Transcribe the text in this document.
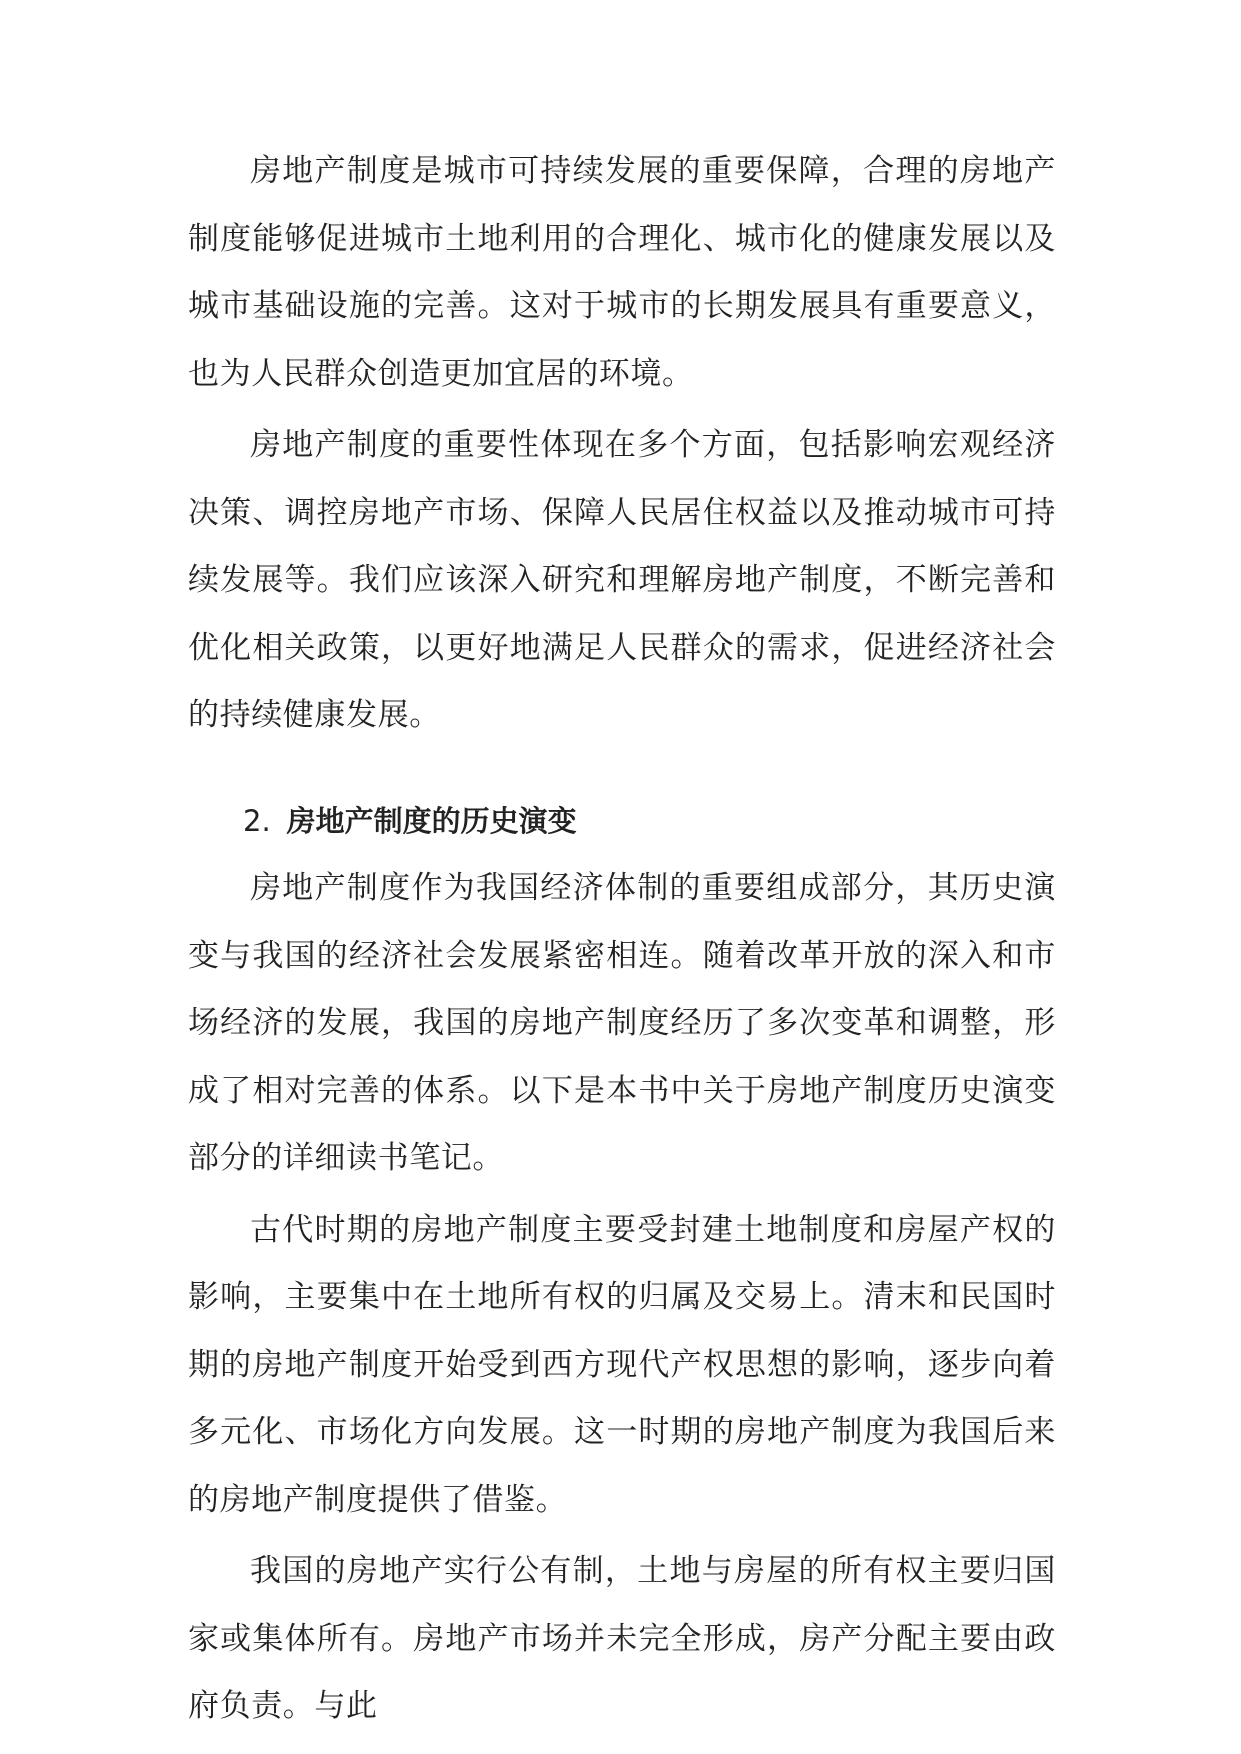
房地产制度是城市可持续发展的重要保障，合理的房地产制度能够促进城市土地利用的合理化、城市化的健康发展以及城市基础设施的完善。这对于城市的长期发展具有重要意义，也为人民群众创造更加宜居的环境。

房地产制度的重要性体现在多个方面，包括影响宏观经济决策、调控房地产市场、保障人民居住权益以及推动城市可持续发展等。我们应该深入研究和理解房地产制度，不断完善和优化相关政策，以更好地满足人民群众的需求，促进经济社会的持续健康发展。

2. 房地产制度的历史演变

房地产制度作为我国经济体制的重要组成部分，其历史演变与我国的经济社会发展紧密相连。随着改革开放的深入和市场经济的发展，我国的房地产制度经历了多次变革和调整，形成了相对完善的体系。以下是本书中关于房地产制度历史演变部分的详细读书笔记。

古代时期的房地产制度主要受封建土地制度和房屋产权的影响，主要集中在土地所有权的归属及交易上。清末和民国时期的房地产制度开始受到西方现代产权思想的影响，逐步向着多元化、市场化方向发展。这一时期的房地产制度为我国后来的房地产制度提供了借鉴。

我国的房地产实行公有制，土地与房屋的所有权主要归国家或集体所有。房地产市场并未完全形成，房产分配主要由政府负责。与此
